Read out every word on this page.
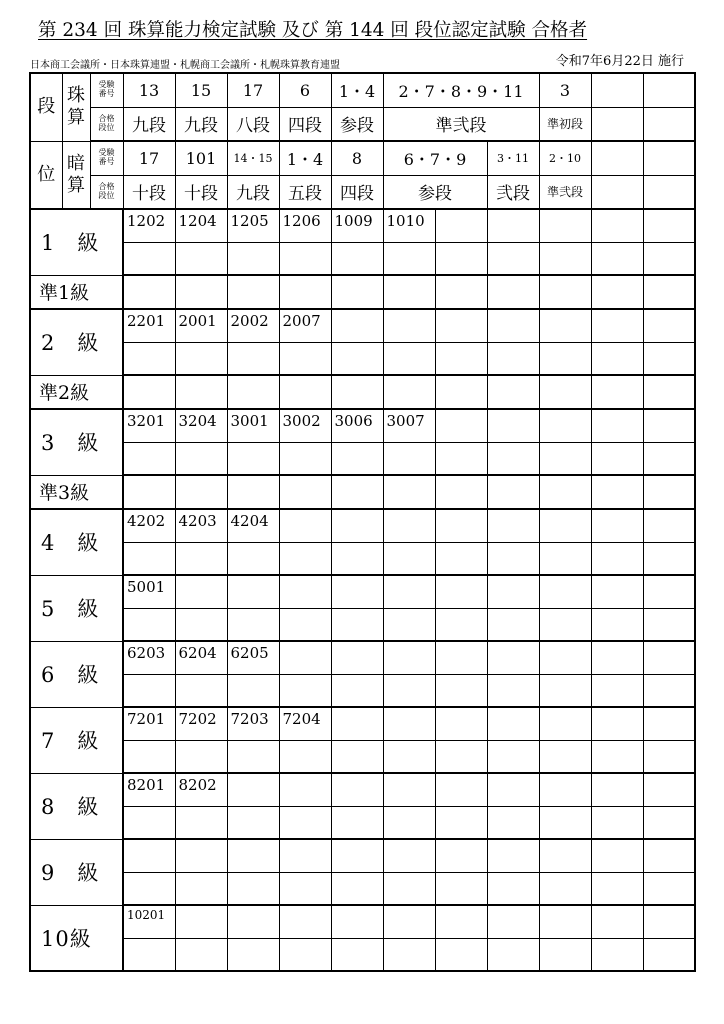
第 234 回 珠算能力検定試験 及び 第 144 回 段位認定試験 合格者
日本商工会議所・日本珠算連盟・札幌商工会議所・札幌珠算教育連盟	令和7年6月22日 施行
段	珠算	受験番号	13	15	17	6	1・4	2・7・8・9・11			3		
		合格段位	九段	九段	八段	四段	参段	準弐段			準初段		
位	暗算	受験番号	17	101	14・15	1・4	8	6・7・9		3・11	2・10		
		合格段位	十段	十段	九段	五段	四段	参段		弐段	準弐段		
1　級			1202	1204	1205	1206	1009	1010					

準1級													
2　級			2201	2001	2002	2007							

準2級													
3　級			3201	3204	3001	3002	3006	3007					

準3級													
4　級			4202	4203	4204								

5　級			5001										

6　級			6203	6204	6205								

7　級			7201	7202	7203	7204							

8　級			8201	8202									

9　級													

10級			10201										
